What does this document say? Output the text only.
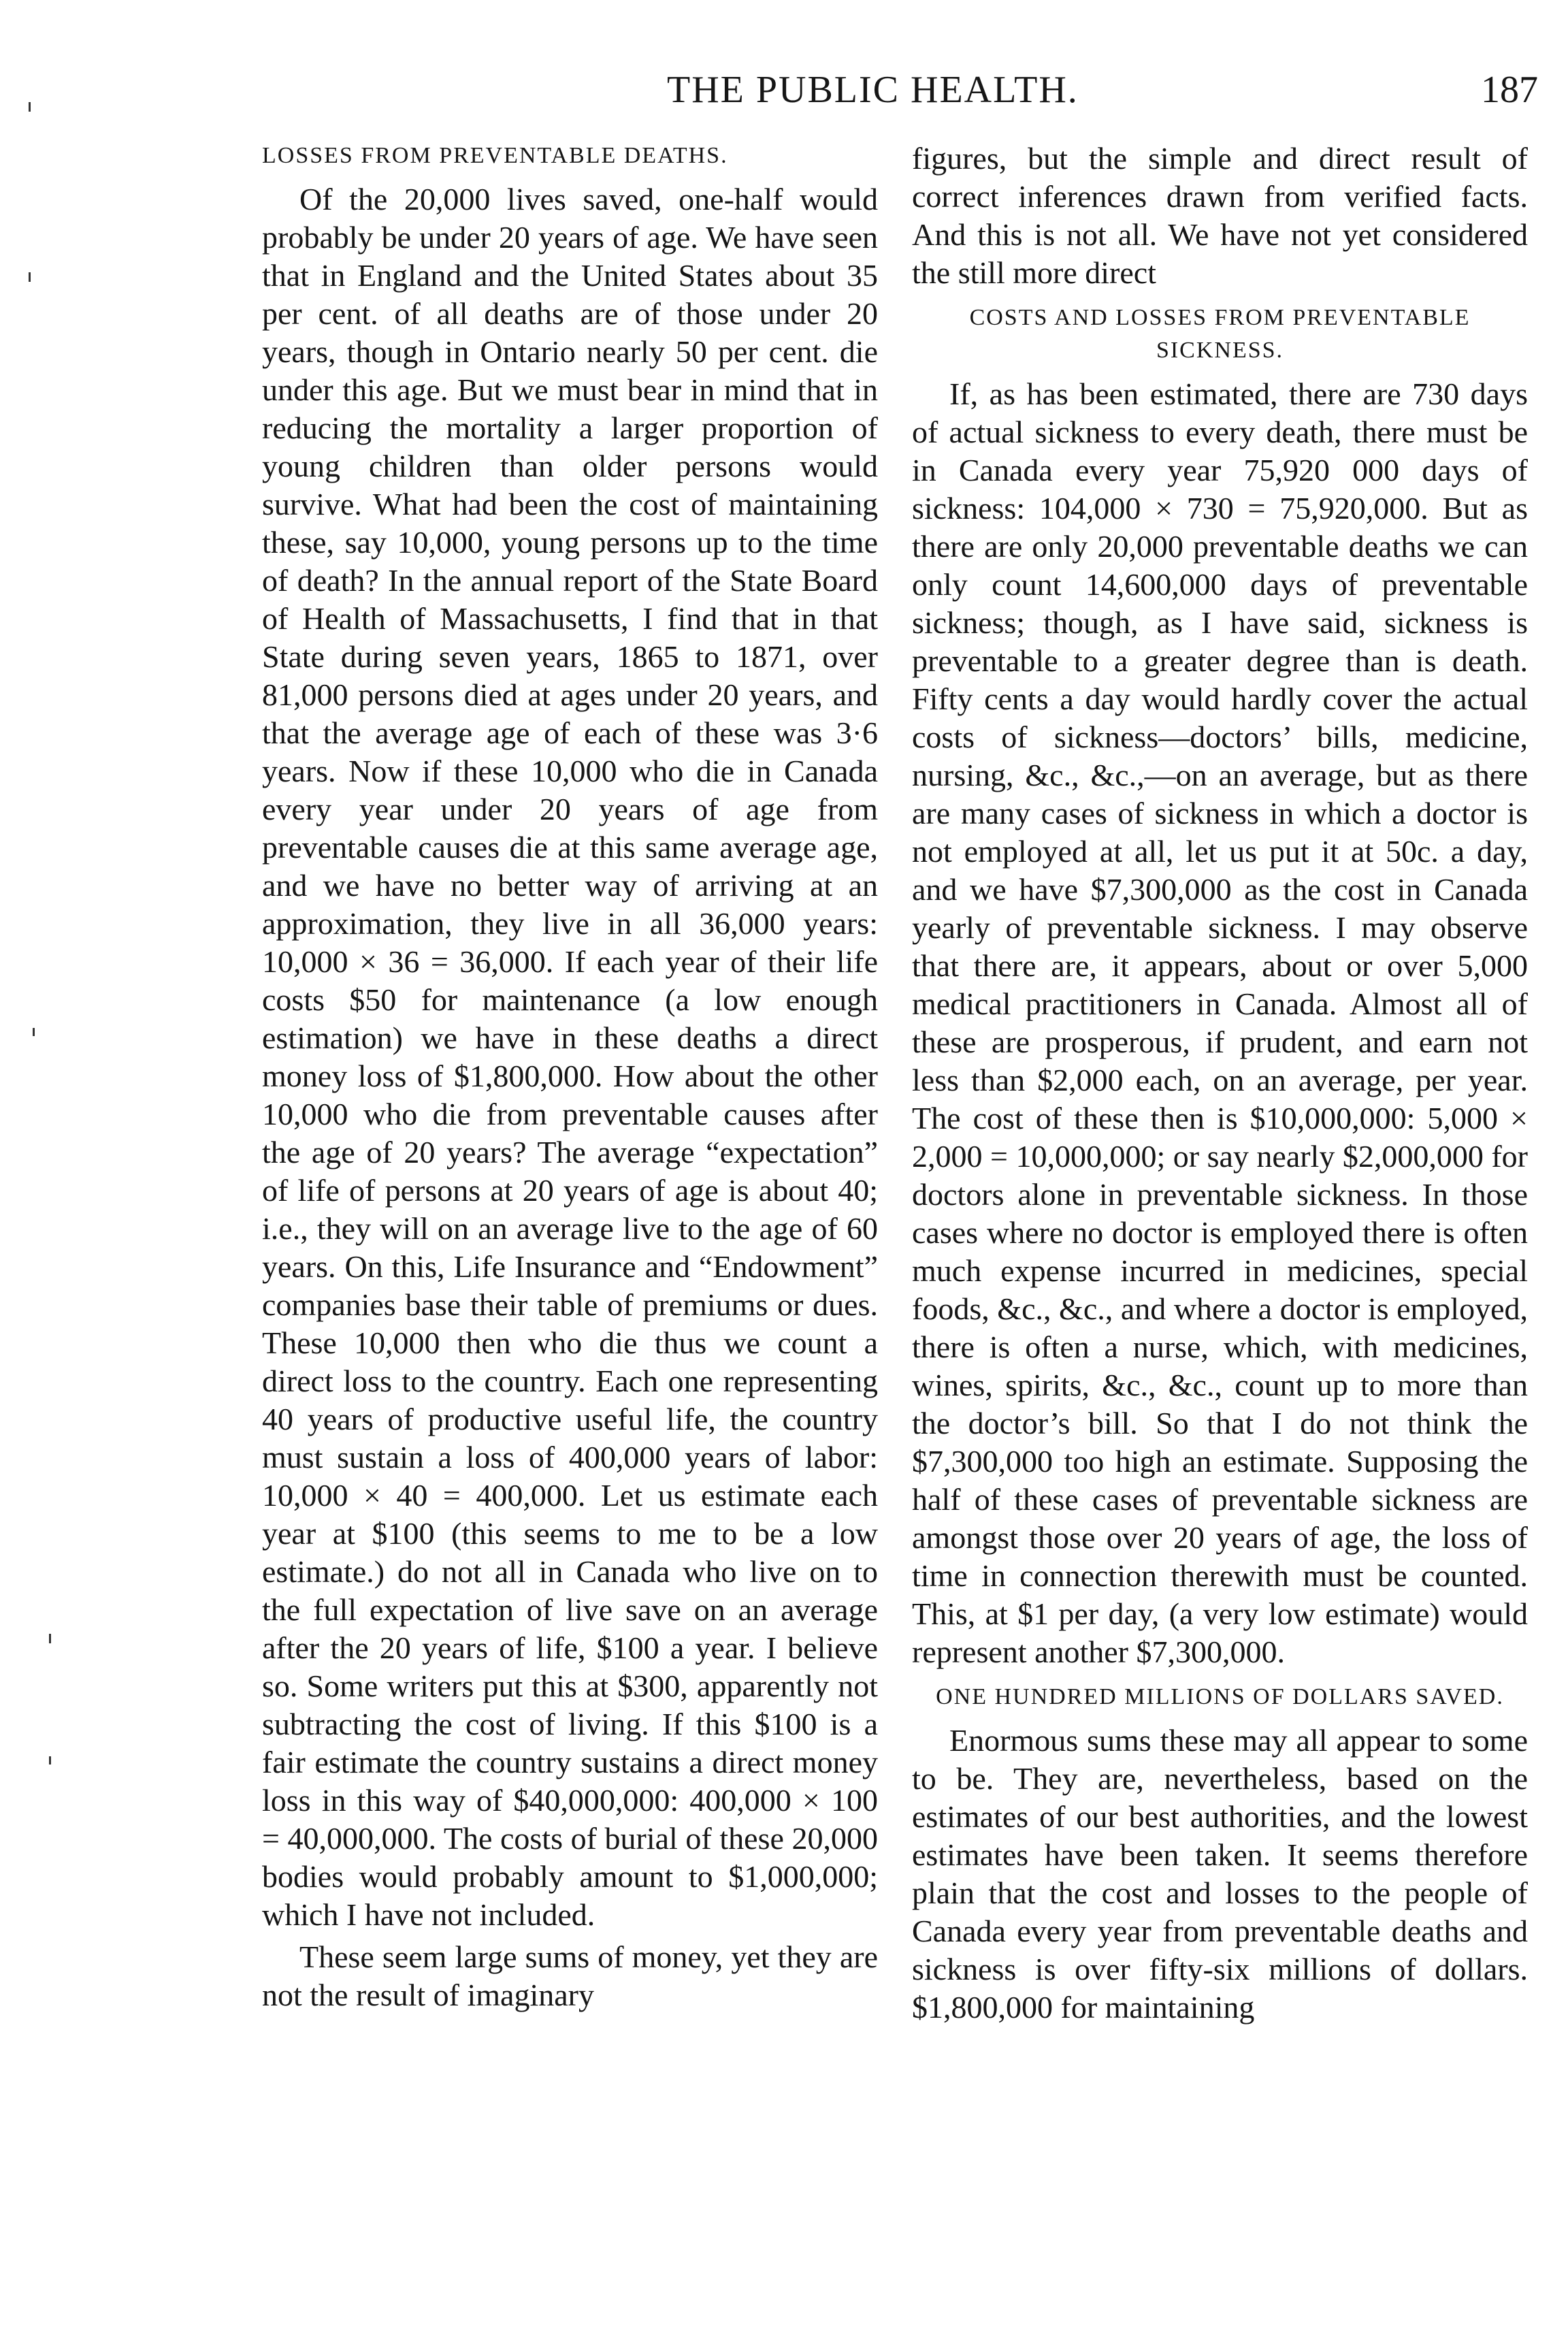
THE PUBLIC HEALTH.	187
LOSSES FROM PREVENTABLE DEATHS.

Of the 20,000 lives saved, one-half would probably be under 20 years of age. We have seen that in England and the United States about 35 per cent. of all deaths are of those under 20 years, though in Ontario nearly 50 per cent. die under this age. But we must bear in mind that in reducing the mortality a larger proportion of young children than older persons would survive. What had been the cost of maintaining these, say 10,000, young persons up to the time of death? In the annual report of the State Board of Health of Massachusetts, I find that in that State during seven years, 1865 to 1871, over 81,000 persons died at ages under 20 years, and that the average age of each of these was 3·6 years. Now if these 10,000 who die in Canada every year under 20 years of age from preventable causes die at this same average age, and we have no better way of arriving at an approximation, they live in all 36,000 years: 10,000 × 36 = 36,000. If each year of their life costs $50 for maintenance (a low enough estimation) we have in these deaths a direct money loss of $1,800,000. How about the other 10,000 who die from preventable causes after the age of 20 years? The average “expectation” of life of persons at 20 years of age is about 40; i.e., they will on an average live to the age of 60 years. On this, Life Insurance and “Endowment” companies base their table of premiums or dues. These 10,000 then who die thus we count a direct loss to the country. Each one representing 40 years of productive useful life, the country must sustain a loss of 400,000 years of labor: 10,000 × 40 = 400,000. Let us estimate each year at $100 (this seems to me to be a low estimate.) do not all in Canada who live on to the full expectation of live save on an average after the 20 years of life, $100 a year. I believe so. Some writers put this at $300, apparently not subtracting the cost of living. If this $100 is a fair estimate the country sustains a direct money loss in this way of $40,000,000: 400,000 × 100 = 40,000,000. The costs of burial of these 20,000 bodies would probably amount to $1,000,000; which I have not included.

These seem large sums of money, yet they are not the result of imaginary

figures, but the simple and direct result of correct inferences drawn from verified facts. And this is not all. We have not yet considered the still more direct

COSTS AND LOSSES FROM PREVENTABLE SICKNESS.

If, as has been estimated, there are 730 days of actual sickness to every death, there must be in Canada every year 75,920 000 days of sickness: 104,000 × 730 = 75,920,000. But as there are only 20,000 preventable deaths we can only count 14,600,000 days of preventable sickness; though, as I have said, sickness is preventable to a greater degree than is death. Fifty cents a day would hardly cover the actual costs of sickness—doctors’ bills, medicine, nursing, &c., &c.,—on an average, but as there are many cases of sickness in which a doctor is not employed at all, let us put it at 50c. a day, and we have $7,300,000 as the cost in Canada yearly of preventable sickness. I may observe that there are, it appears, about or over 5,000 medical practitioners in Canada. Almost all of these are prosperous, if prudent, and earn not less than $2,000 each, on an average, per year. The cost of these then is $10,000,000: 5,000 × 2,000 = 10,000,000; or say nearly $2,000,000 for doctors alone in preventable sickness. In those cases where no doctor is employed there is often much expense incurred in medicines, special foods, &c., &c., and where a doctor is employed, there is often a nurse, which, with medicines, wines, spirits, &c., &c., count up to more than the doctor’s bill. So that I do not think the $7,300,000 too high an estimate. Supposing the half of these cases of preventable sickness are amongst those over 20 years of age, the loss of time in connection therewith must be counted. This, at $1 per day, (a very low estimate) would represent another $7,300,000.

ONE HUNDRED MILLIONS OF DOLLARS SAVED.

Enormous sums these may all appear to some to be. They are, nevertheless, based on the estimates of our best authorities, and the lowest estimates have been taken. It seems therefore plain that the cost and losses to the people of Canada every year from preventable deaths and sickness is over fifty-six millions of dollars. $1,800,000 for maintaining
